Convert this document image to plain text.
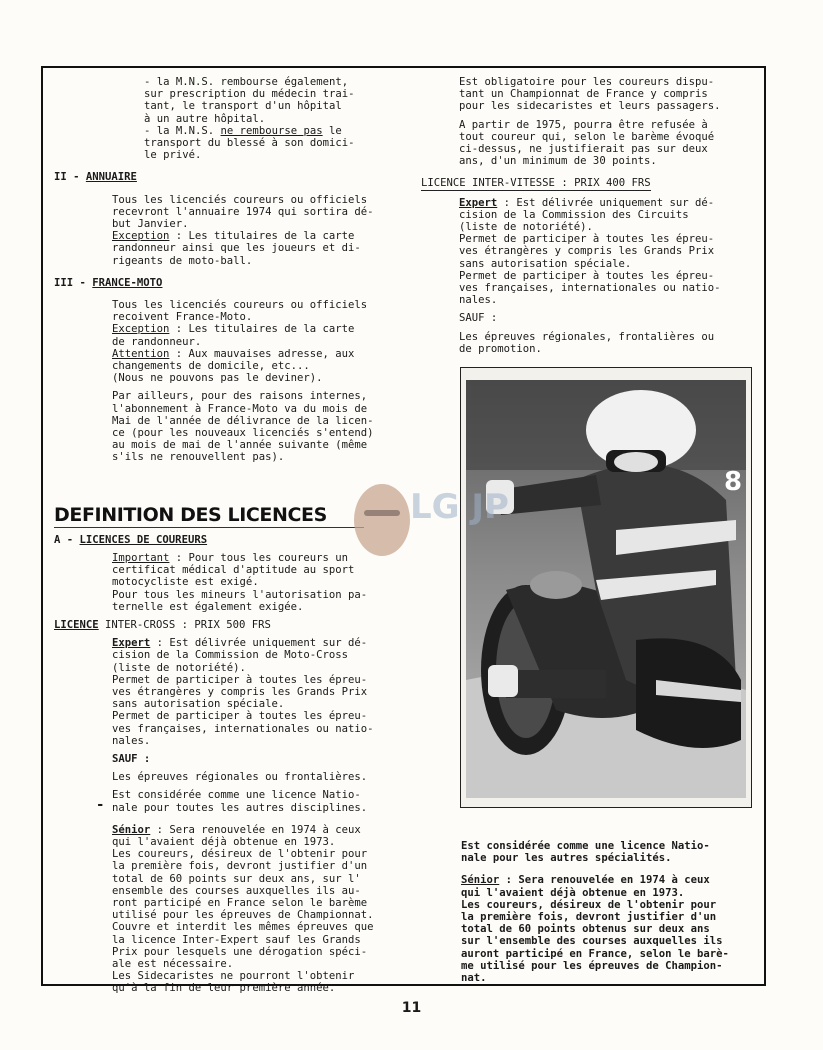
- la M.N.S. rembourse également,
sur prescription du médecin trai-
tant, le transport d'un hôpital
à un autre hôpital.
- la M.N.S. ne rembourse pas le
transport du blessé à son domici-
le privé.
II - ANNUAIRE
Tous les licenciés coureurs ou officiels
recevront l'annuaire 1974 qui sortira dé-
but Janvier.
Exception : Les titulaires de la carte
randonneur ainsi que les joueurs et di-
rigeants de moto-ball.
III - FRANCE-MOTO
Tous les licenciés coureurs ou officiels
recoivent France-Moto.
Exception : Les titulaires de la carte
de randonneur.
Attention : Aux mauvaises adresse, aux
changements de domicile, etc...
(Nous ne pouvons pas le deviner).
Par ailleurs, pour des raisons internes,
l'abonnement à France-Moto va du mois de
Mai de l'année de délivrance de la licen-
ce (pour les nouveaux licenciés s'entend)
au mois de mai de l'année suivante (même
s'ils ne renouvellent pas).
DEFINITION DES LICENCES
A - LICENCES DE COUREURS
Important : Pour tous les coureurs un
certificat médical d'aptitude au sport
motocycliste est exigé.
Pour tous les mineurs l'autorisation pa-
ternelle est également exigée.
LICENCE INTER-CROSS : PRIX 500 FRS
Expert : Est délivrée uniquement sur dé-
cision de la Commission de Moto-Cross
(liste de notoriété).
Permet de participer à toutes les épreu-
ves étrangères y compris les Grands Prix
sans autorisation spéciale.
Permet de participer à toutes les épreu-
ves françaises, internationales ou natio-
nales.
SAUF :
Les épreuves régionales ou frontalières.
Est considérée comme une licence Natio-
nale pour toutes les autres disciplines.
Sénior : Sera renouvelée en 1974 à ceux
qui l'avaient déjà obtenue en 1973.
Les coureurs, désireux de l'obtenir pour
la première fois, devront justifier d'un
total de 60 points sur deux ans, sur l'
ensemble des courses auxquelles ils au-
ront participé en France selon le barème
utilisé pour les épreuves de Championnat.
Couvre et interdit les mêmes épreuves que
la licence Inter-Expert sauf les Grands
Prix pour lesquels une dérogation spéci-
ale est nécessaire.
Les Sidecaristes ne pourront l'obtenir
qu'à la fin de leur première année.
-
Est obligatoire pour les coureurs dispu-
tant un Championnat de France y compris
pour les sidecaristes et leurs passagers.
A partir de 1975, pourra être refusée à
tout coureur qui, selon le barème évoqué
ci-dessus, ne justifierait pas sur deux
ans, d'un minimum de 30 points.
LICENCE INTER-VITESSE : PRIX 400 FRS
Expert : Est délivrée uniquement sur dé-
cision de la Commission des Circuits
(liste de notoriété).
Permet de participer à toutes les épreu-
ves étrangères y compris les Grands Prix
sans autorisation spéciale.
Permet de participer à toutes les épreu-
ves françaises, internationales ou natio-
nales.
SAUF :
Les épreuves régionales, frontalières ou
de promotion.
Est considérée comme une licence Natio-
nale pour les autres spécialités.
Sénior : Sera renouvelée en 1974 à ceux
qui l'avaient déjà obtenue en 1973.
Les coureurs, désireux de l'obtenir pour
la première fois, devront justifier d'un
total de 60 points obtenus sur deux ans
sur l'ensemble des courses auxquelles ils
auront participé en France, selon le barè-
me utilisé pour les épreuves de Champion-
nat.
8
LG JP
11
